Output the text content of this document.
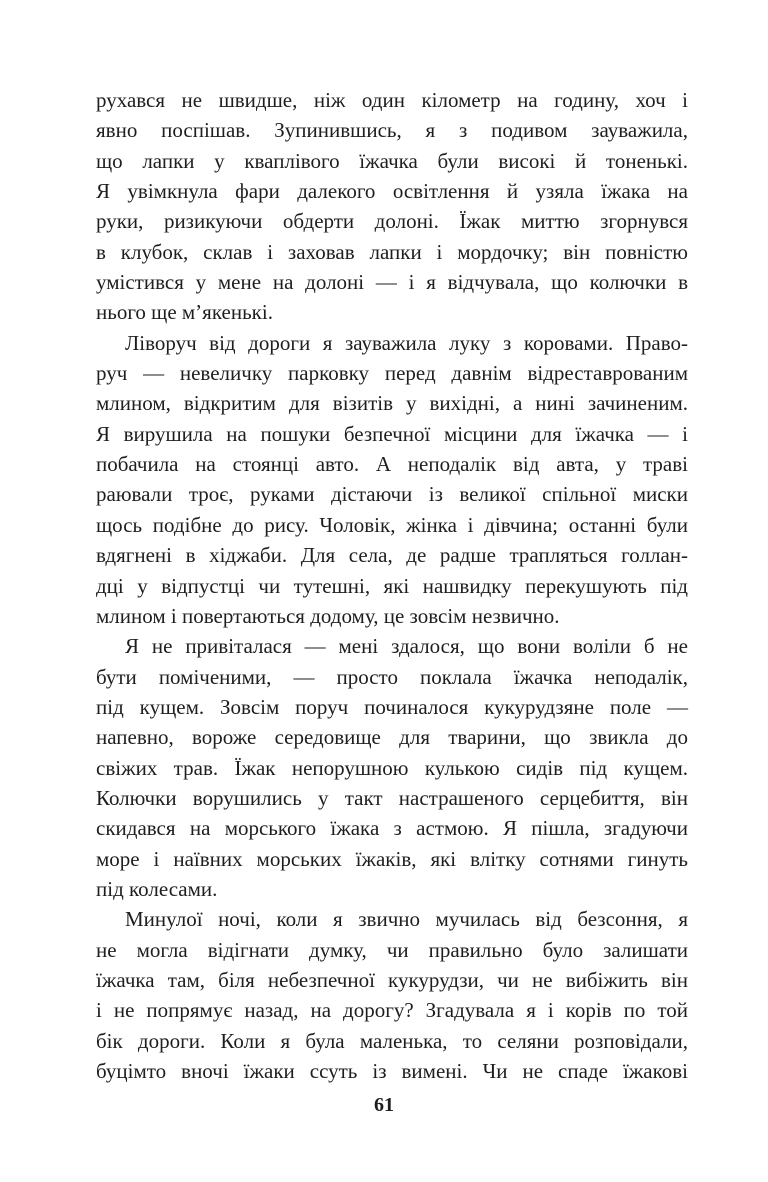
рухався не швидше, ніж один кілометр на годину, хоч і
явно поспішав. Зупинившись, я з подивом зауважила,
що лапки у кваплівого їжачка були високі й тоненькі.
Я увімкнула фари далекого освітлення й узяла їжака на
руки, ризикуючи обдерти долоні. Їжак миттю згорнувся
в клубок, склав і заховав лапки і мордочку; він повністю
умістився у мене на долоні — і я відчувала, що колючки в
нього ще м’якенькі.
Ліворуч від дороги я зауважила луку з коровами. Право-
руч — невеличку парковку перед давнім відреставрованим
млином, відкритим для візитів у вихідні, а нині зачиненим.
Я вирушила на пошуки безпечної місцини для їжачка — і
побачила на стоянці авто. А неподалік від авта, у траві
раювали троє, руками дістаючи із великої спільної миски
щось подібне до рису. Чоловік, жінка і дівчина; останні були
вдягнені в хіджаби. Для села, де радше трапляться голлан-
дці у відпустці чи тутешні, які нашвидку перекушують під
млином і повертаються додому, це зовсім незвично.
Я не привіталася — мені здалося, що вони воліли б не
бути поміченими, — просто поклала їжачка неподалік,
під кущем. Зовсім поруч починалося кукурудзяне поле —
напевно, вороже середовище для тварини, що звикла до
свіжих трав. Їжак непорушною кулькою сидів під кущем.
Колючки ворушились у такт настрашеного серцебиття, він
скидався на морського їжака з астмою. Я пішла, згадуючи
море і наївних морських їжаків, які влітку сотнями гинуть
під колесами.
Минулої ночі, коли я звично мучилась від безсоння, я
не могла відігнати думку, чи правильно було залишати
їжачка там, біля небезпечної кукурудзи, чи не вибіжить він
і не попрямує назад, на дорогу? Згадувала я і корів по той
бік дороги. Коли я була маленька, то селяни розповідали,
буцімто вночі їжаки ссуть із вимені. Чи не спаде їжакові
61
